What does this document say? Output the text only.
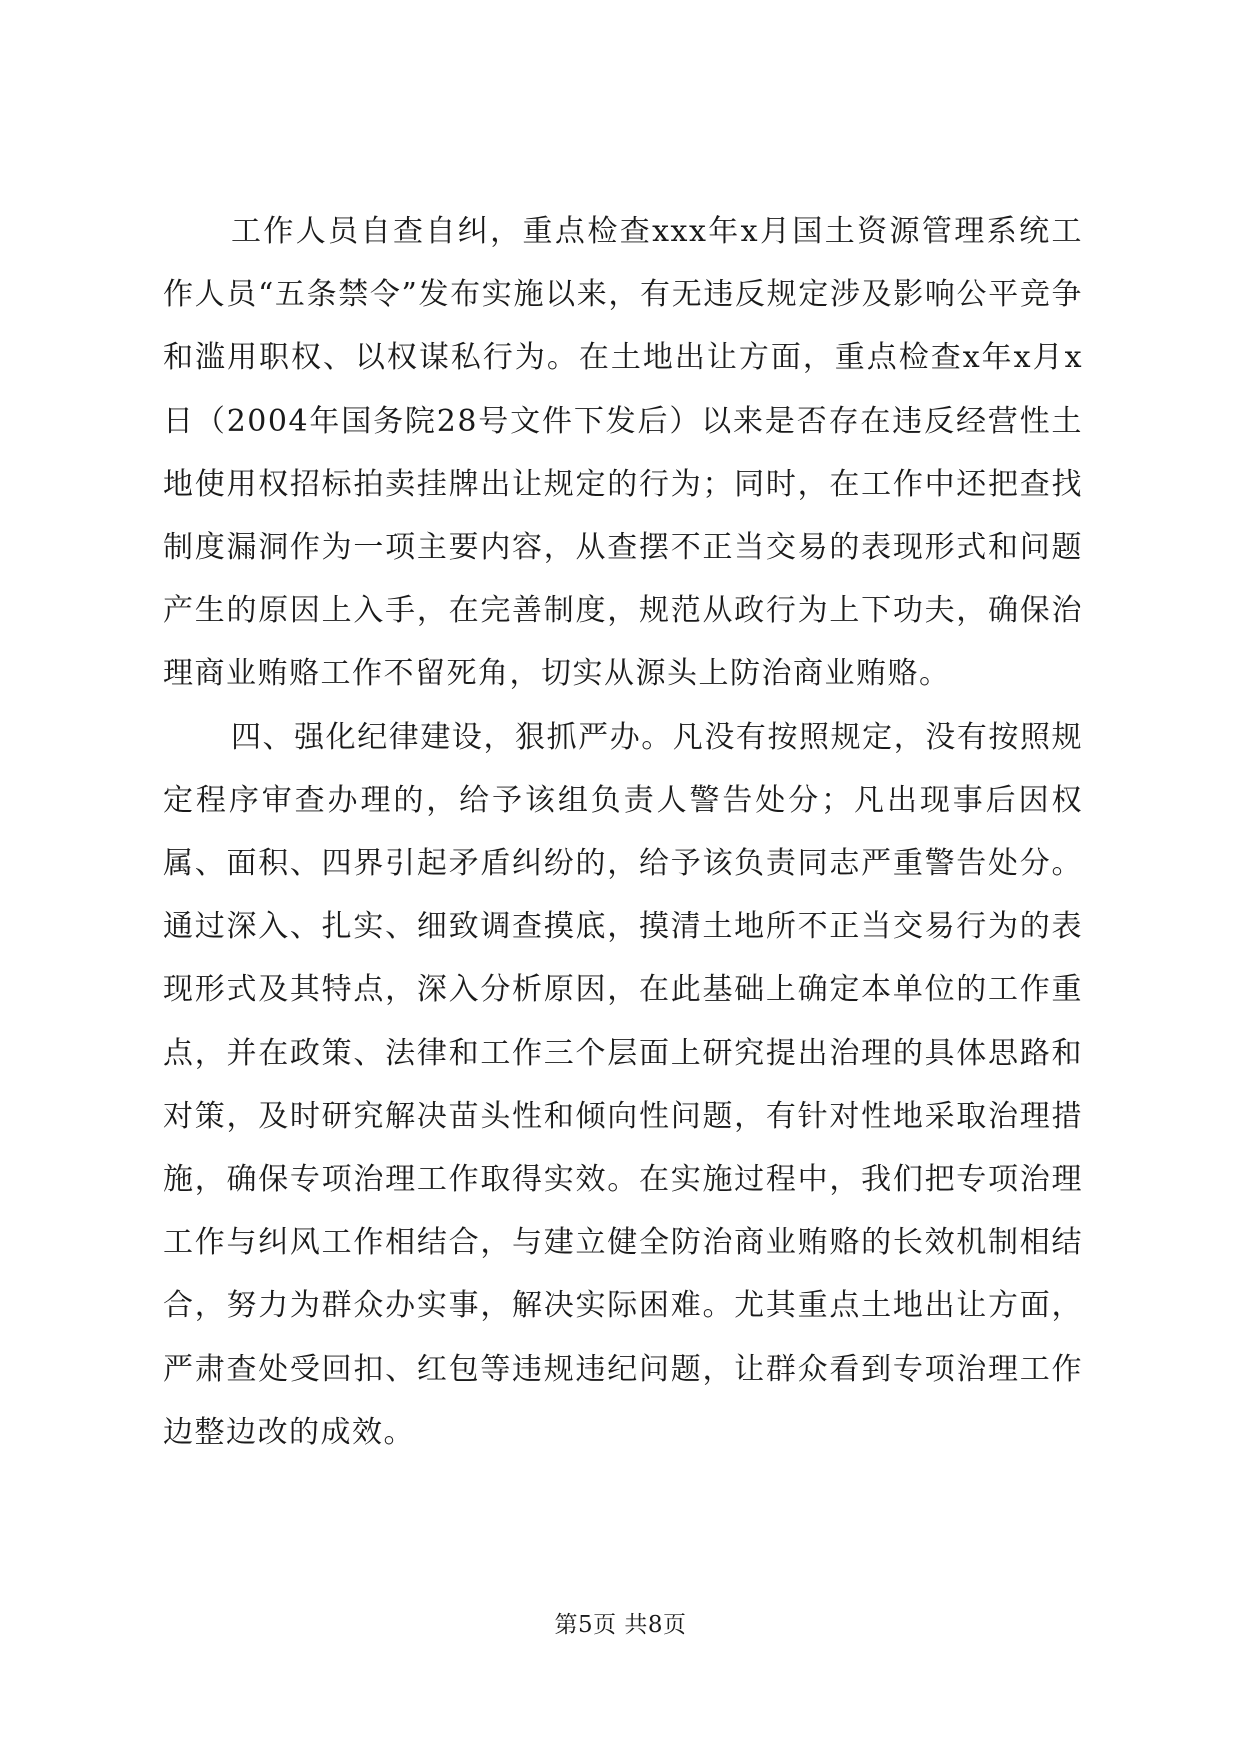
工作人员自查自纠，重点检查xxx年x月国土资源管理系统工作人员“五条禁令”发布实施以来，有无违反规定涉及影响公平竞争和滥用职权、以权谋私行为。在土地出让方面，重点检查x年x月x日（2004年国务院28号文件下发后）以来是否存在违反经营性土地使用权招标拍卖挂牌出让规定的行为；同时，在工作中还把查找制度漏洞作为一项主要内容，从查摆不正当交易的表现形式和问题产生的原因上入手，在完善制度，规范从政行为上下功夫，确保治理商业贿赂工作不留死角，切实从源头上防治商业贿赂。

四、强化纪律建设，狠抓严办。凡没有按照规定，没有按照规定程序审查办理的，给予该组负责人警告处分；凡出现事后因权属、面积、四界引起矛盾纠纷的，给予该负责同志严重警告处分。通过深入、扎实、细致调查摸底，摸清土地所不正当交易行为的表现形式及其特点，深入分析原因，在此基础上确定本单位的工作重点，并在政策、法律和工作三个层面上研究提出治理的具体思路和对策，及时研究解决苗头性和倾向性问题，有针对性地采取治理措施，确保专项治理工作取得实效。在实施过程中，我们把专项治理工作与纠风工作相结合，与建立健全防治商业贿赂的长效机制相结合，努力为群众办实事，解决实际困难。尤其重点土地出让方面，严肃查处受回扣、红包等违规违纪问题，让群众看到专项治理工作边整边改的成效。

第5页 共8页
